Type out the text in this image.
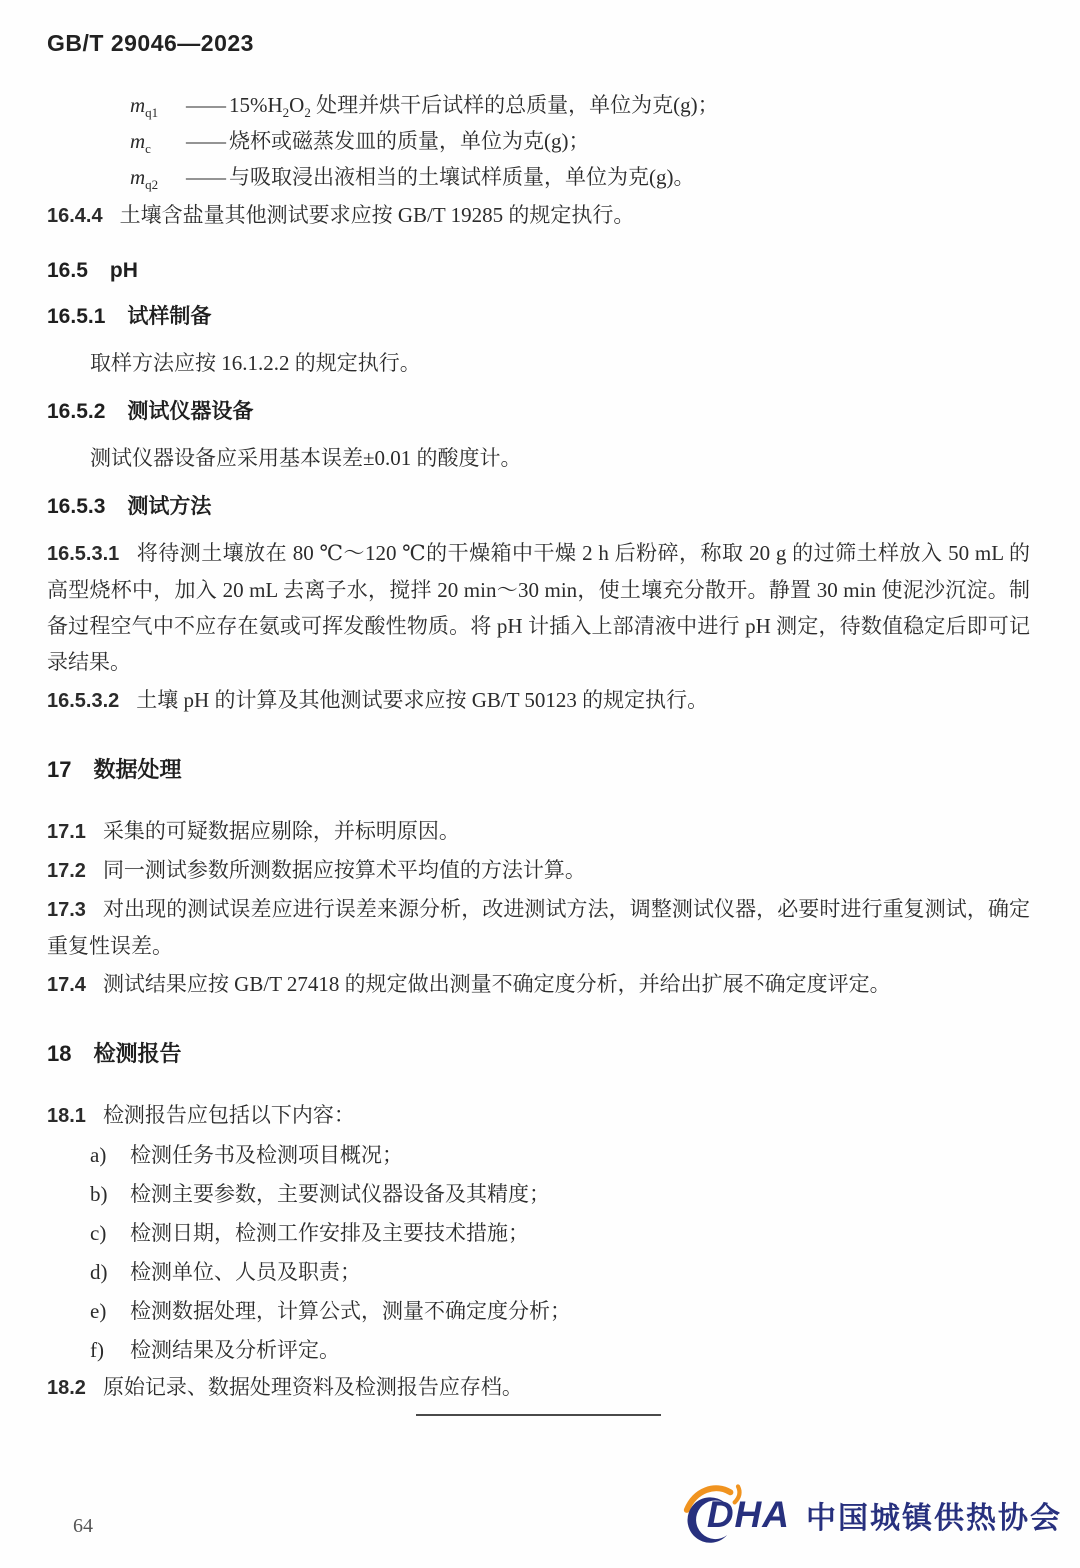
GB/T 29046—2023

$m_{q1}$ —— $15\%H_2O_2$ 处理并烘干后试样的总质量，单位为克(g)；

$m_c$ —— 烧杯或磁蒸发皿的质量，单位为克(g)；

$m_{q2}$ —— 与吸取浸出液相当的土壤试样质量，单位为克(g)。

16.4.4 土壤含盐量其他测试要求应按 GB/T 19285 的规定执行。

16.5 pH
16.5.1 试样制备

取样方法应按 16.1.2.2 的规定执行。

16.5.2 测试仪器设备

测试仪器设备应采用基本误差±0.01 的酸度计。

16.5.3 测试方法

16.5.3.1 将待测土壤放在 80 ℃～120 ℃的干燥箱中干燥 2 h 后粉碎，称取 20 g 的过筛土样放入 50 mL 的高型烧杯中，加入 20 mL 去离子水，搅拌 20 min～30 min，使土壤充分散开。静置 30 min 使泥沙沉淀。制备过程空气中不应存在氨或可挥发酸性物质。将 pH 计插入上部清液中进行 pH 测定，待数值稳定后即可记录结果。

16.5.3.2 土壤 pH 的计算及其他测试要求应按 GB/T 50123 的规定执行。

17 数据处理

17.1 采集的可疑数据应剔除，并标明原因。

17.2 同一测试参数所测数据应按算术平均值的方法计算。

17.3 对出现的测试误差应进行误差来源分析，改进测试方法，调整测试仪器，必要时进行重复测试，确定重复性误差。

17.4 测试结果应按 GB/T 27418 的规定做出测量不确定度分析，并给出扩展不确定度评定。

18 检测报告

18.1 检测报告应包括以下内容：

a) 检测任务书及检测项目概况；
b) 检测主要参数，主要测试仪器设备及其精度；
c) 检测日期，检测工作安排及主要技术措施；
d) 检测单位、人员及职责；
e) 检测数据处理，计算公式，测量不确定度分析；
f) 检测结果及分析评定。

18.2 原始记录、数据处理资料及检测报告应存档。

64	DHA 中国城镇供热协会
